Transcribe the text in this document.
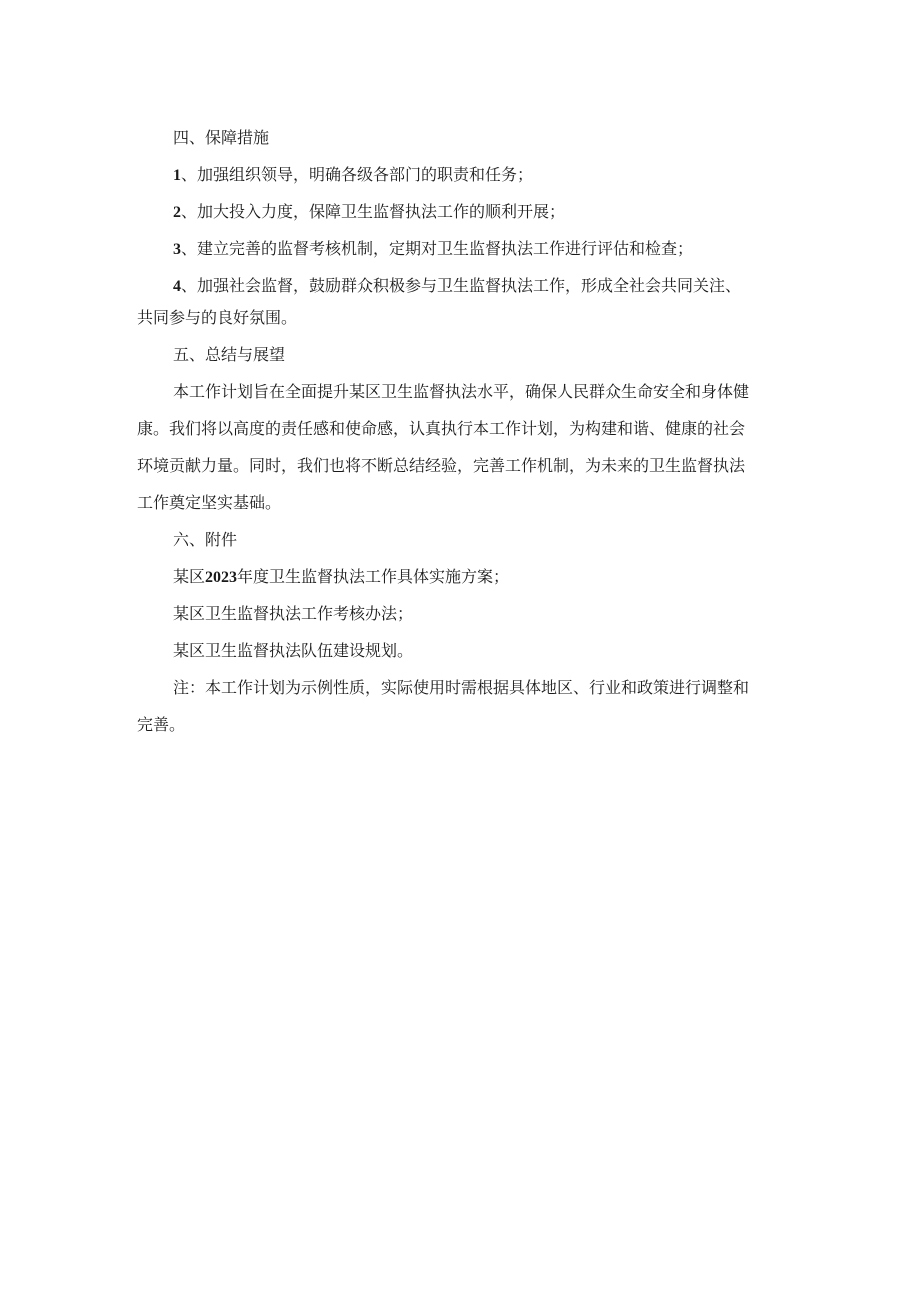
四、保障措施
1、加强组织领导，明确各级各部门的职责和任务；
2、加大投入力度，保障卫生监督执法工作的顺利开展；
3、建立完善的监督考核机制，定期对卫生监督执法工作进行评估和检查；
4、加强社会监督，鼓励群众积极参与卫生监督执法工作，形成全社会共同关注、
共同参与的良好氛围。
五、总结与展望
本工作计划旨在全面提升某区卫生监督执法水平，确保人民群众生命安全和身体健
康。我们将以高度的责任感和使命感，认真执行本工作计划，为构建和谐、健康的社会
环境贡献力量。同时，我们也将不断总结经验，完善工作机制，为未来的卫生监督执法
工作奠定坚实基础。
六、附件
某区2023年度卫生监督执法工作具体实施方案；
某区卫生监督执法工作考核办法；
某区卫生监督执法队伍建设规划。
注：本工作计划为示例性质，实际使用时需根据具体地区、行业和政策进行调整和
完善。
